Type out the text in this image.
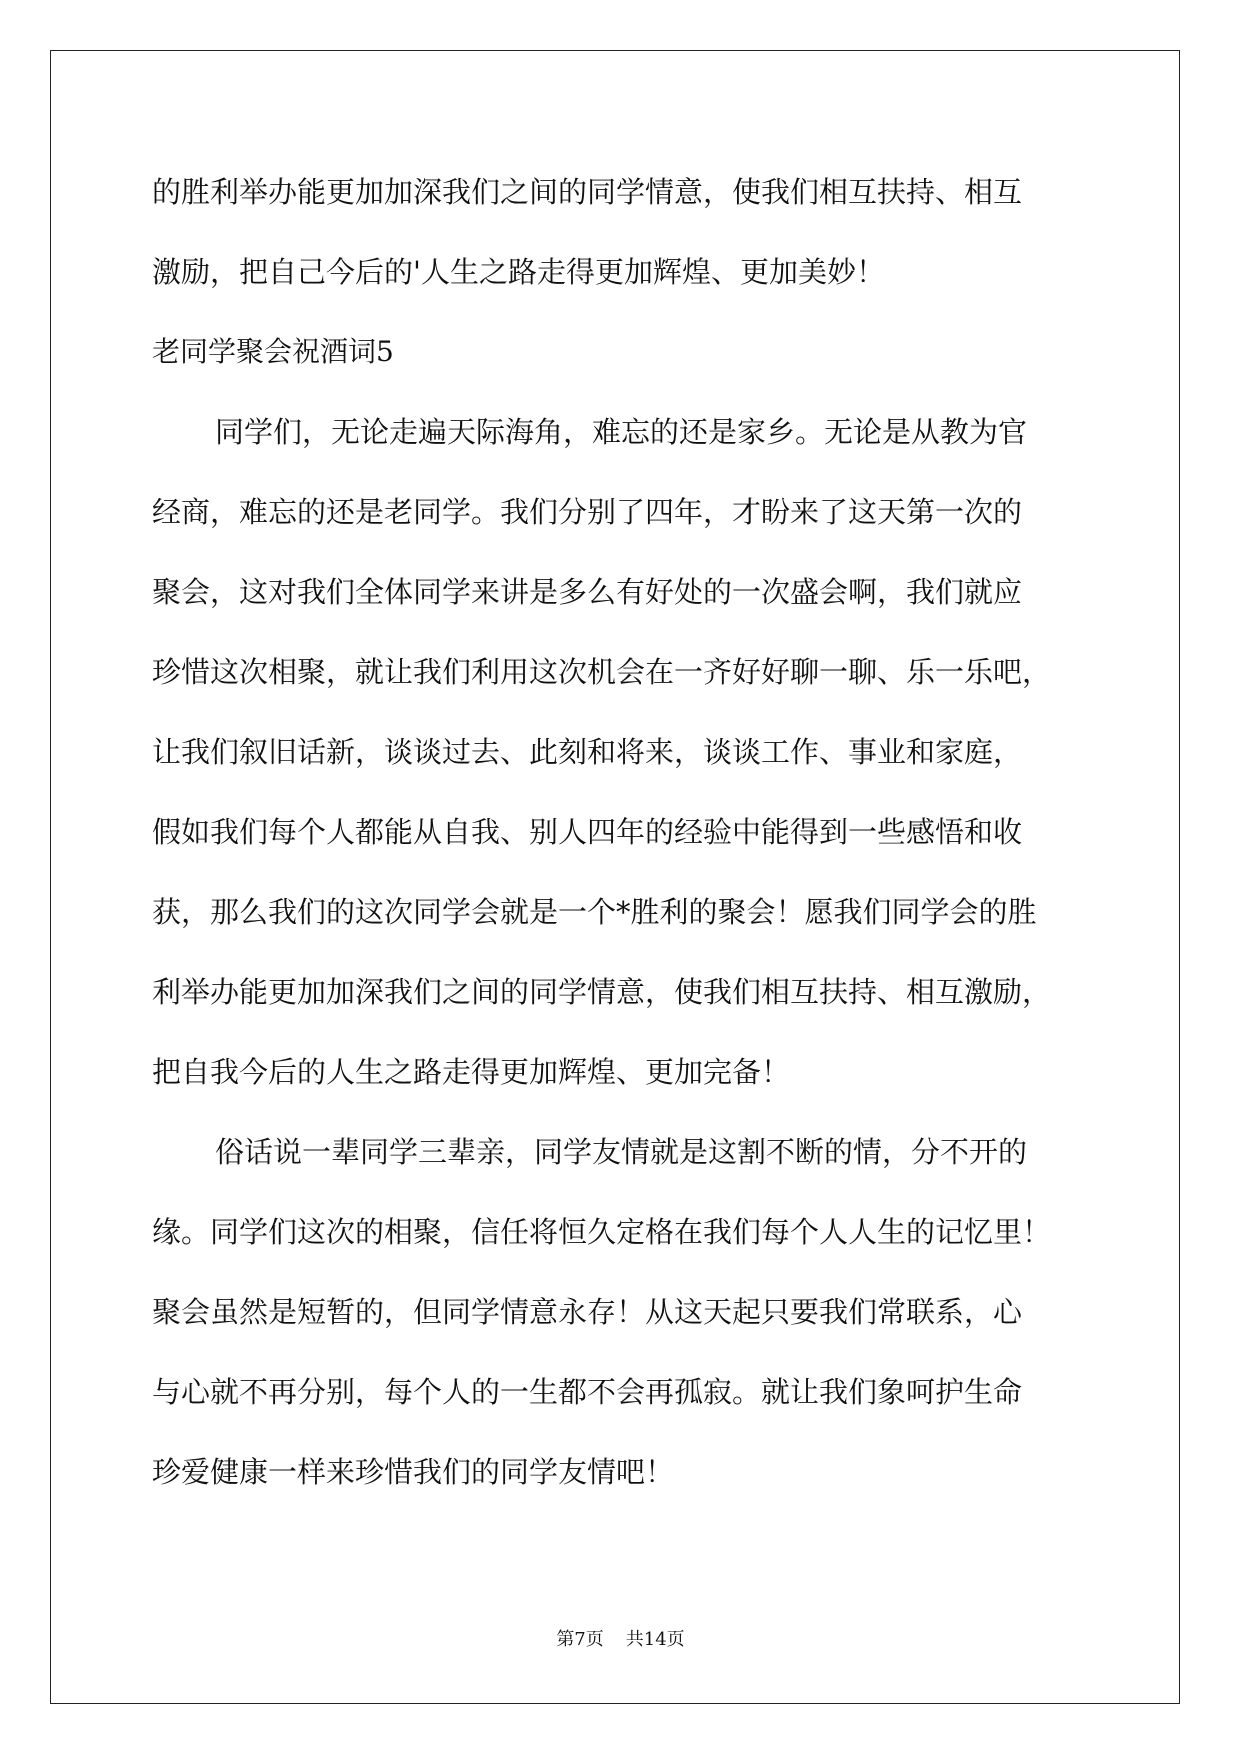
的胜利举办能更加加深我们之间的同学情意，使我们相互扶持、相互

激励，把自己今后的'人生之路走得更加辉煌、更加美妙！

老同学聚会祝酒词5

同学们，无论走遍天际海角，难忘的还是家乡。无论是从教为官

经商，难忘的还是老同学。我们分别了四年，才盼来了这天第一次的

聚会，这对我们全体同学来讲是多么有好处的一次盛会啊，我们就应

珍惜这次相聚，就让我们利用这次机会在一齐好好聊一聊、乐一乐吧，

让我们叙旧话新，谈谈过去、此刻和将来，谈谈工作、事业和家庭，

假如我们每个人都能从自我、别人四年的经验中能得到一些感悟和收

获，那么我们的这次同学会就是一个*胜利的聚会！愿我们同学会的胜

利举办能更加加深我们之间的同学情意，使我们相互扶持、相互激励，

把自我今后的人生之路走得更加辉煌、更加完备！

俗话说一辈同学三辈亲，同学友情就是这割不断的情，分不开的

缘。同学们这次的相聚，信任将恒久定格在我们每个人人生的记忆里！

聚会虽然是短暂的，但同学情意永存！从这天起只要我们常联系，心

与心就不再分别，每个人的一生都不会再孤寂。就让我们象呵护生命

珍爱健康一样来珍惜我们的同学友情吧！

第7页 共14页
